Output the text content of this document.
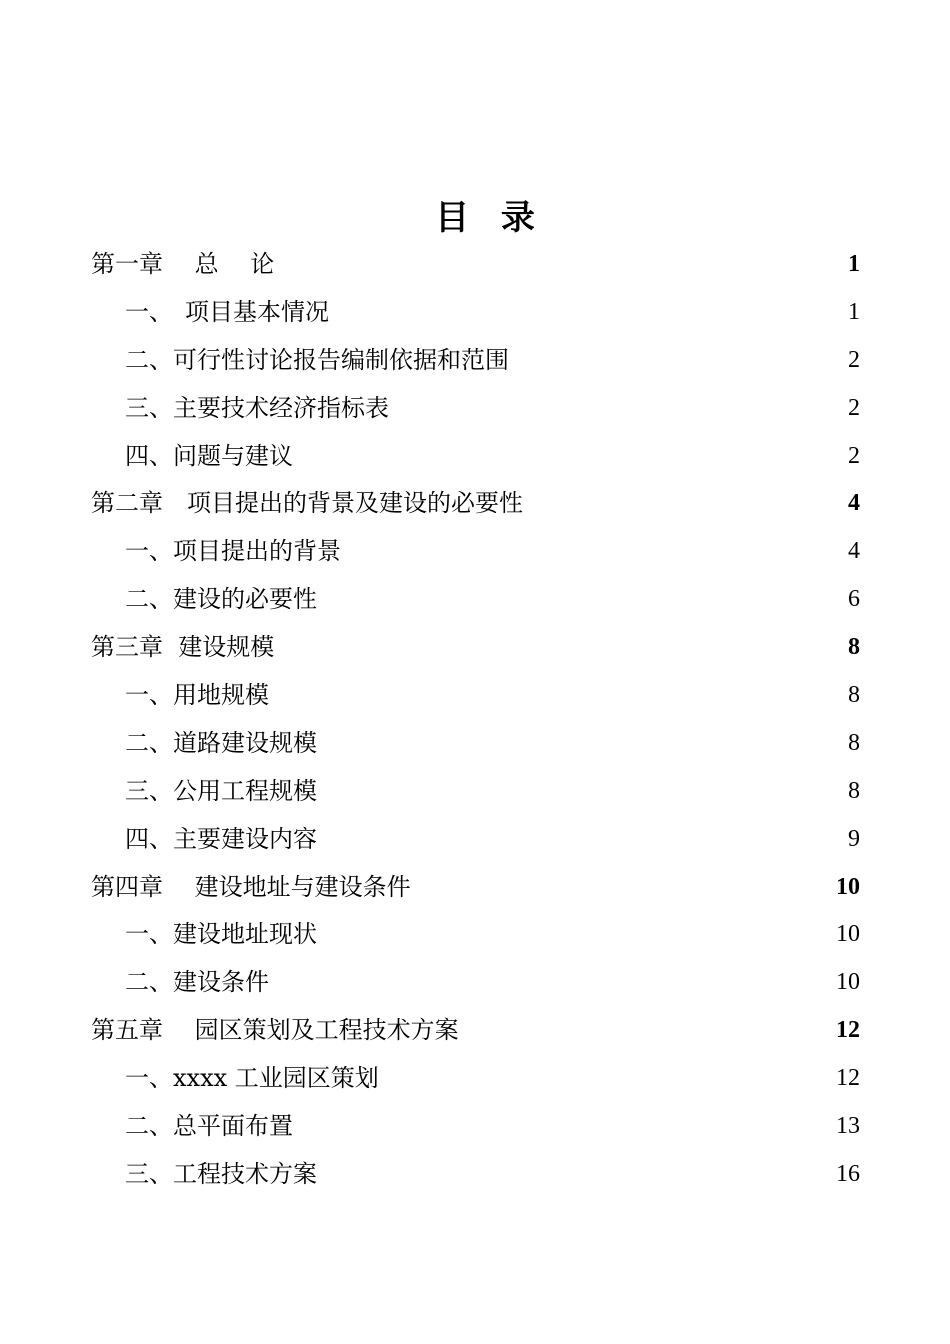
目 录
第一章　 总　 论	1
一、　项目基本情况	1
二、可行性讨论报告编制依据和范围	2
三、主要技术经济指标表	2
四、问题与建议	2
第二章　项目提出的背景及建设的必要性	4
一、项目提出的背景	4
二、建设的必要性	6
第三章  建设规模	8
一、用地规模	8
二、道路建设规模	8
三、公用工程规模	8
四、主要建设内容	9
第四章　 建设地址与建设条件	10
一、建设地址现状	10
二、建设条件	10
第五章　 园区策划及工程技术方案	12
一、xxxx 工业园区策划	12
二、总平面布置	13
三、工程技术方案	16
